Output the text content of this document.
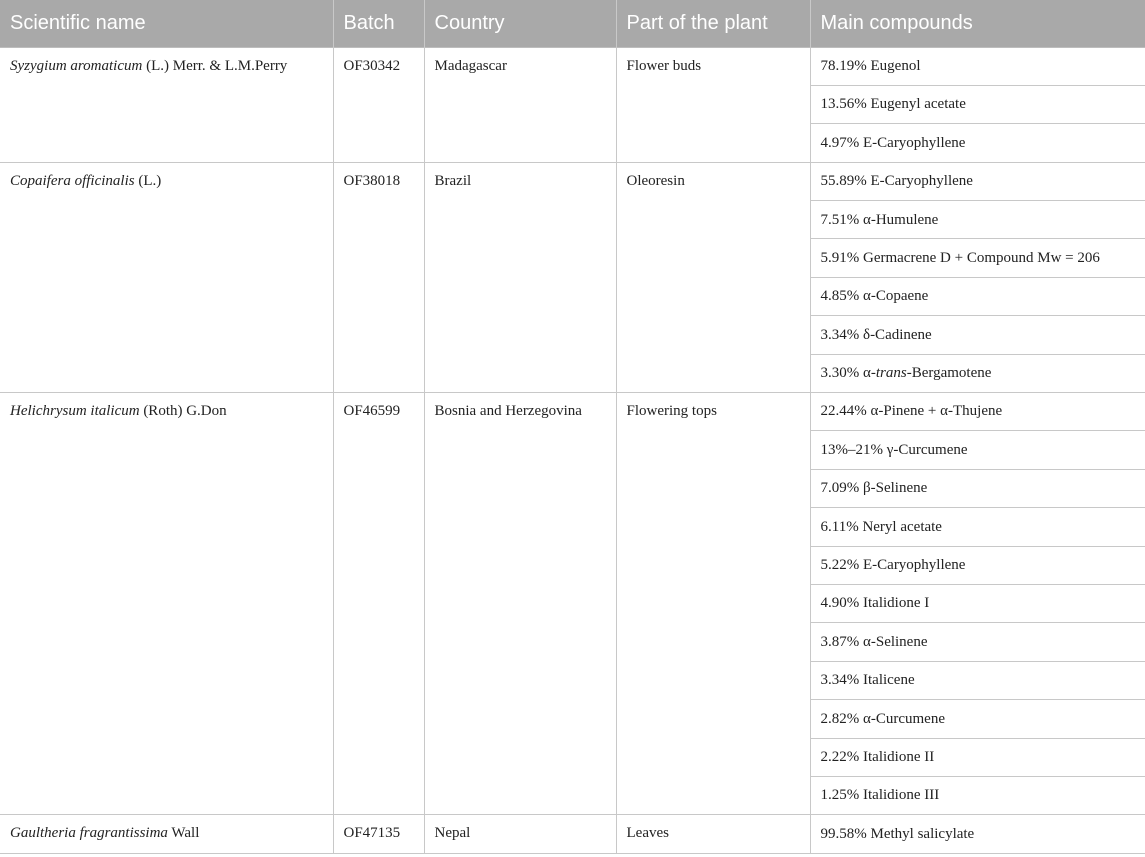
Scientific name	Batch	Country	Part of the plant	Main compounds
Syzygium aromaticum (L.) Merr. & L.M.Perry	OF30342	Madagascar	Flower buds	78.19% Eugenol
				13.56% Eugenyl acetate
				4.97% E-Caryophyllene
Copaifera officinalis (L.)	OF38018	Brazil	Oleoresin	55.89% E-Caryophyllene
				7.51% α-Humulene
				5.91% Germacrene D + Compound Mw = 206
				4.85% α-Copaene
				3.34% δ-Cadinene
				3.30% α-trans-Bergamotene
Helichrysum italicum (Roth) G.Don	OF46599	Bosnia and Herzegovina	Flowering tops	22.44% α-Pinene + α-Thujene
				13%–21% γ-Curcumene
				7.09% β-Selinene
				6.11% Neryl acetate
				5.22% E-Caryophyllene
				4.90% Italidione I
				3.87% α-Selinene
				3.34% Italicene
				2.82% α-Curcumene
				2.22% Italidione II
				1.25% Italidione III
Gaultheria fragrantissima Wall	OF47135	Nepal	Leaves	99.58% Methyl salicylate
